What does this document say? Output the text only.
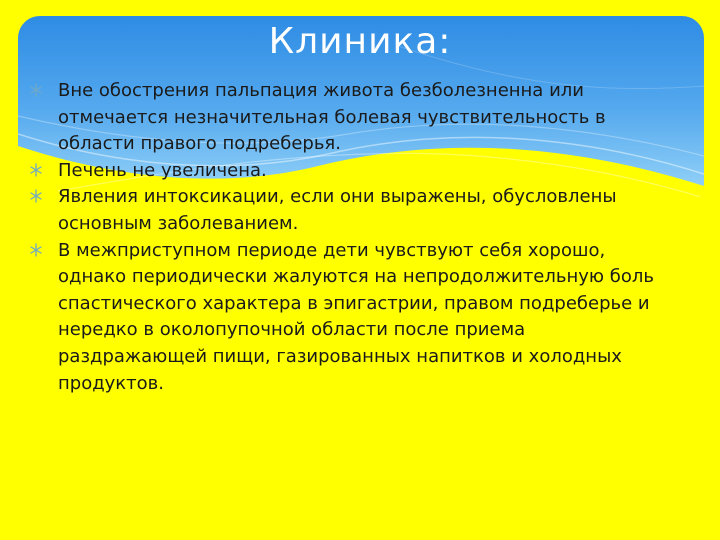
Клиника:
Вне обострения пальпация живота безболезненна или отмечается незначительная болевая чувствительность в области правого подреберья.
Печень не увеличена.
Явления интоксикации, если они выражены, обусловлены основным заболеванием.
В межприступном периоде дети чувствуют себя хорошо, однако периодически жалуются на непродолжительную боль спастического характера в эпигастрии, правом подреберье и нередко в околопупочной области после приема раздражающей пищи, газированных напитков и холодных продуктов.
